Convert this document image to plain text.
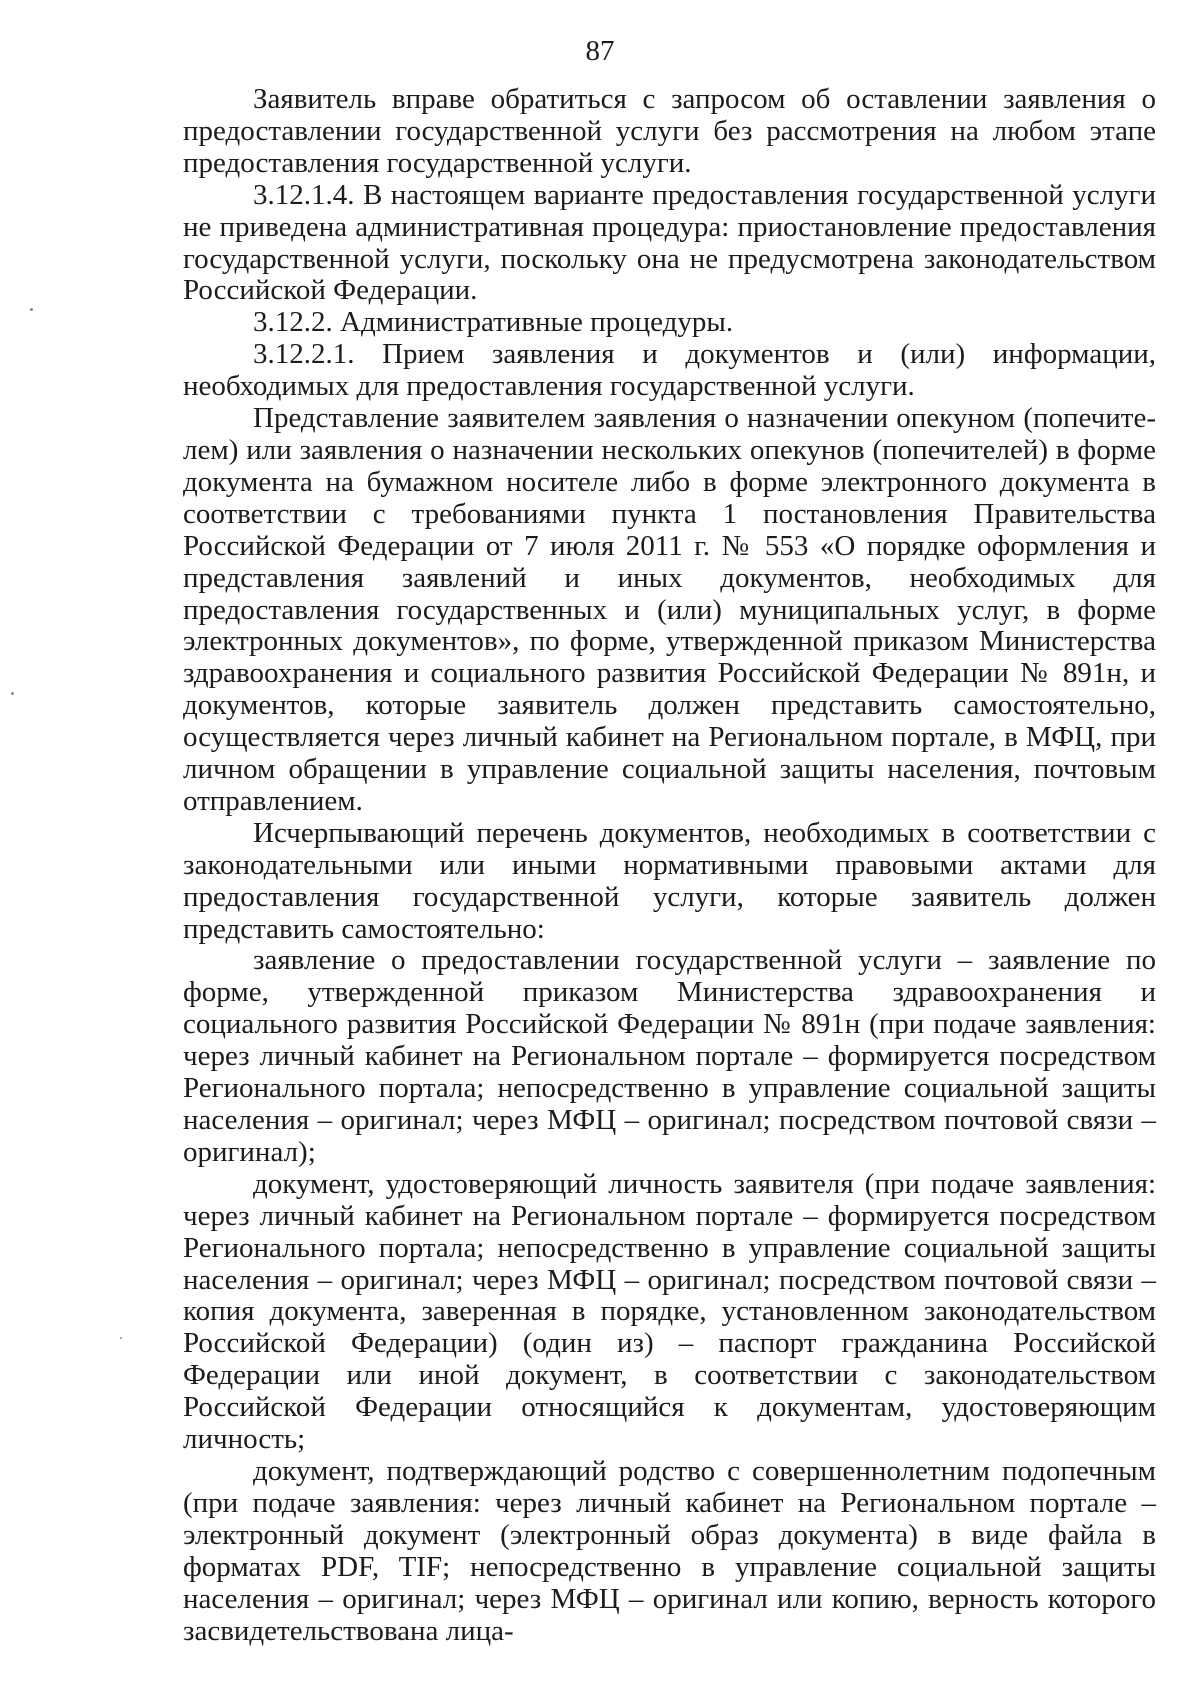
87

Заявитель вправе обратиться с запросом об оставлении заявления о предоставлении государственной услуги без рассмотрения на любом этапе предоставления государственной услуги.

3.12.1.4. В настоящем варианте предоставления государственной услуги не приведена административная процедура: приостановление предоставления государственной услуги, поскольку она не предусмотрена законодательством Российской Федерации.

3.12.2. Административные процедуры.

3.12.2.1. Прием заявления и документов и (или) информации, необходимых для предоставления государственной услуги.

Представление заявителем заявления о назначении опекуном (попечителем) или заявления о назначении нескольких опекунов (попечителей) в форме документа на бумажном носителе либо в форме электронного документа в соответствии с требованиями пункта 1 постановления Правительства Российской Федерации от 7 июля 2011 г. № 553 «О порядке оформления и представления заявлений и иных документов, необходимых для предоставления государственных и (или) муниципальных услуг, в форме электронных документов», по форме, утвержденной приказом Министерства здравоохранения и социального развития Российской Федерации № 891н, и документов, которые заявитель должен представить самостоятельно, осуществляется через личный кабинет на Региональном портале, в МФЦ, при личном обращении в управление социальной защиты населения, почтовым отправлением.

Исчерпывающий перечень документов, необходимых в соответствии с законодательными или иными нормативными правовыми актами для предоставления государственной услуги, которые заявитель должен представить самостоятельно:

заявление о предоставлении государственной услуги – заявление по форме, утвержденной приказом Министерства здравоохранения и социального развития Российской Федерации № 891н (при подаче заявления: через личный кабинет на Региональном портале – формируется посредством Регионального портала; непосредственно в управление социальной защиты населения – оригинал; через МФЦ – оригинал; посредством почтовой связи – оригинал);

документ, удостоверяющий личность заявителя (при подаче заявления: через личный кабинет на Региональном портале – формируется посредством Регионального портала; непосредственно в управление социальной защиты населения – оригинал; через МФЦ – оригинал; посредством почтовой связи – копия документа, заверенная в порядке, установленном законодательством Российской Федерации) (один из) – паспорт гражданина Российской Федерации или иной документ, в соответствии с законодательством Российской Федерации относящийся к документам, удостоверяющим личность;

документ, подтверждающий родство с совершеннолетним подопечным (при подаче заявления: через личный кабинет на Региональном портале – электронный документ (электронный образ документа) в виде файла в форматах PDF, TIF; непосредственно в управление социальной защиты населения – оригинал; через МФЦ – оригинал или копию, верность которого засвидетельствована лица-
